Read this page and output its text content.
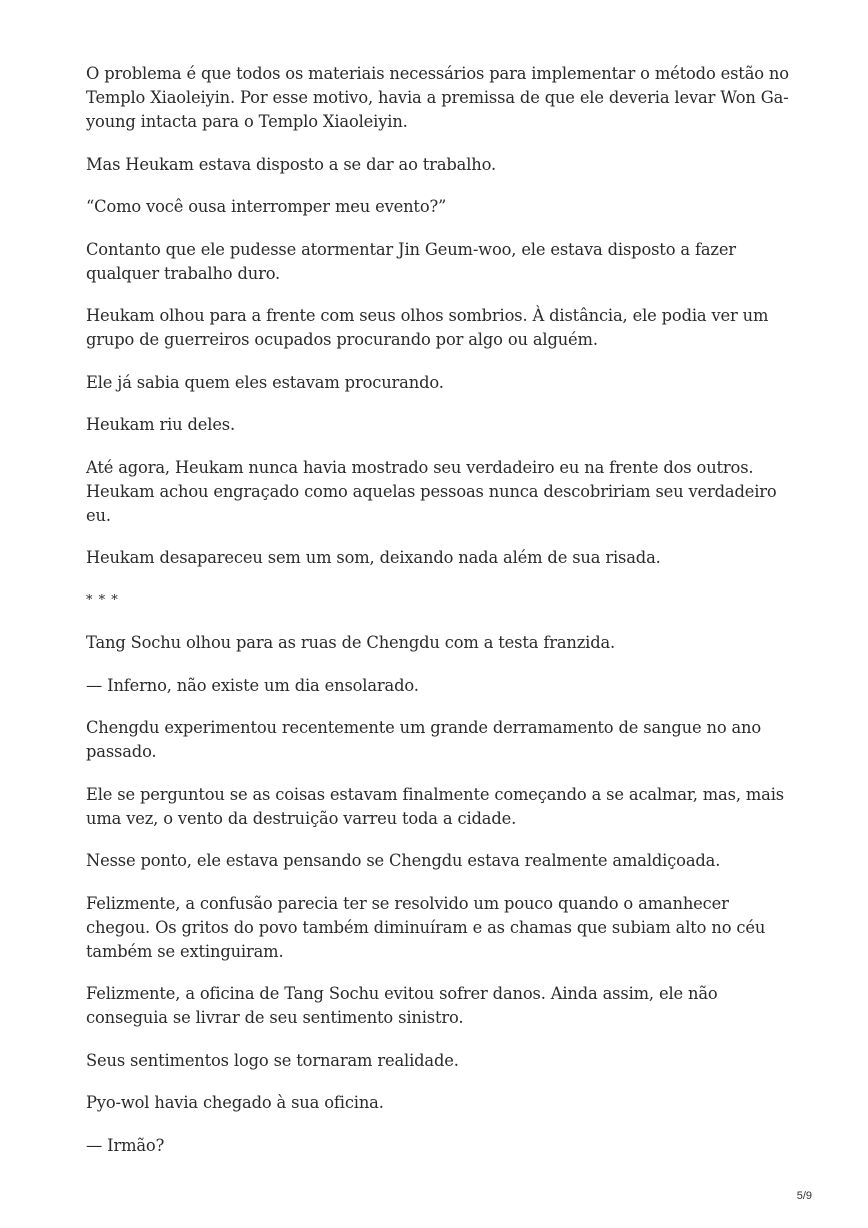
O problema é que todos os materiais necessários para implementar o método estão no Templo Xiaoleiyin. Por esse motivo, havia a premissa de que ele deveria levar Won Ga-young intacta para o Templo Xiaoleiyin.

Mas Heukam estava disposto a se dar ao trabalho.

“Como você ousa interromper meu evento?”

Contanto que ele pudesse atormentar Jin Geum-woo, ele estava disposto a fazer qualquer trabalho duro.

Heukam olhou para a frente com seus olhos sombrios. À distância, ele podia ver um grupo de guerreiros ocupados procurando por algo ou alguém.

Ele já sabia quem eles estavam procurando.

Heukam riu deles.

Até agora, Heukam nunca havia mostrado seu verdadeiro eu na frente dos outros. Heukam achou engraçado como aquelas pessoas nunca descobririam seu verdadeiro eu.

Heukam desapareceu sem um som, deixando nada além de sua risada.

* * *

Tang Sochu olhou para as ruas de Chengdu com a testa franzida.

— Inferno, não existe um dia ensolarado.

Chengdu experimentou recentemente um grande derramamento de sangue no ano passado.

Ele se perguntou se as coisas estavam finalmente começando a se acalmar, mas, mais uma vez, o vento da destruição varreu toda a cidade.

Nesse ponto, ele estava pensando se Chengdu estava realmente amaldiçoada.

Felizmente, a confusão parecia ter se resolvido um pouco quando o amanhecer chegou. Os gritos do povo também diminuíram e as chamas que subiam alto no céu também se extinguiram.

Felizmente, a oficina de Tang Sochu evitou sofrer danos. Ainda assim, ele não conseguia se livrar de seu sentimento sinistro.

Seus sentimentos logo se tornaram realidade.

Pyo-wol havia chegado à sua oficina.

— Irmão?

5/9
